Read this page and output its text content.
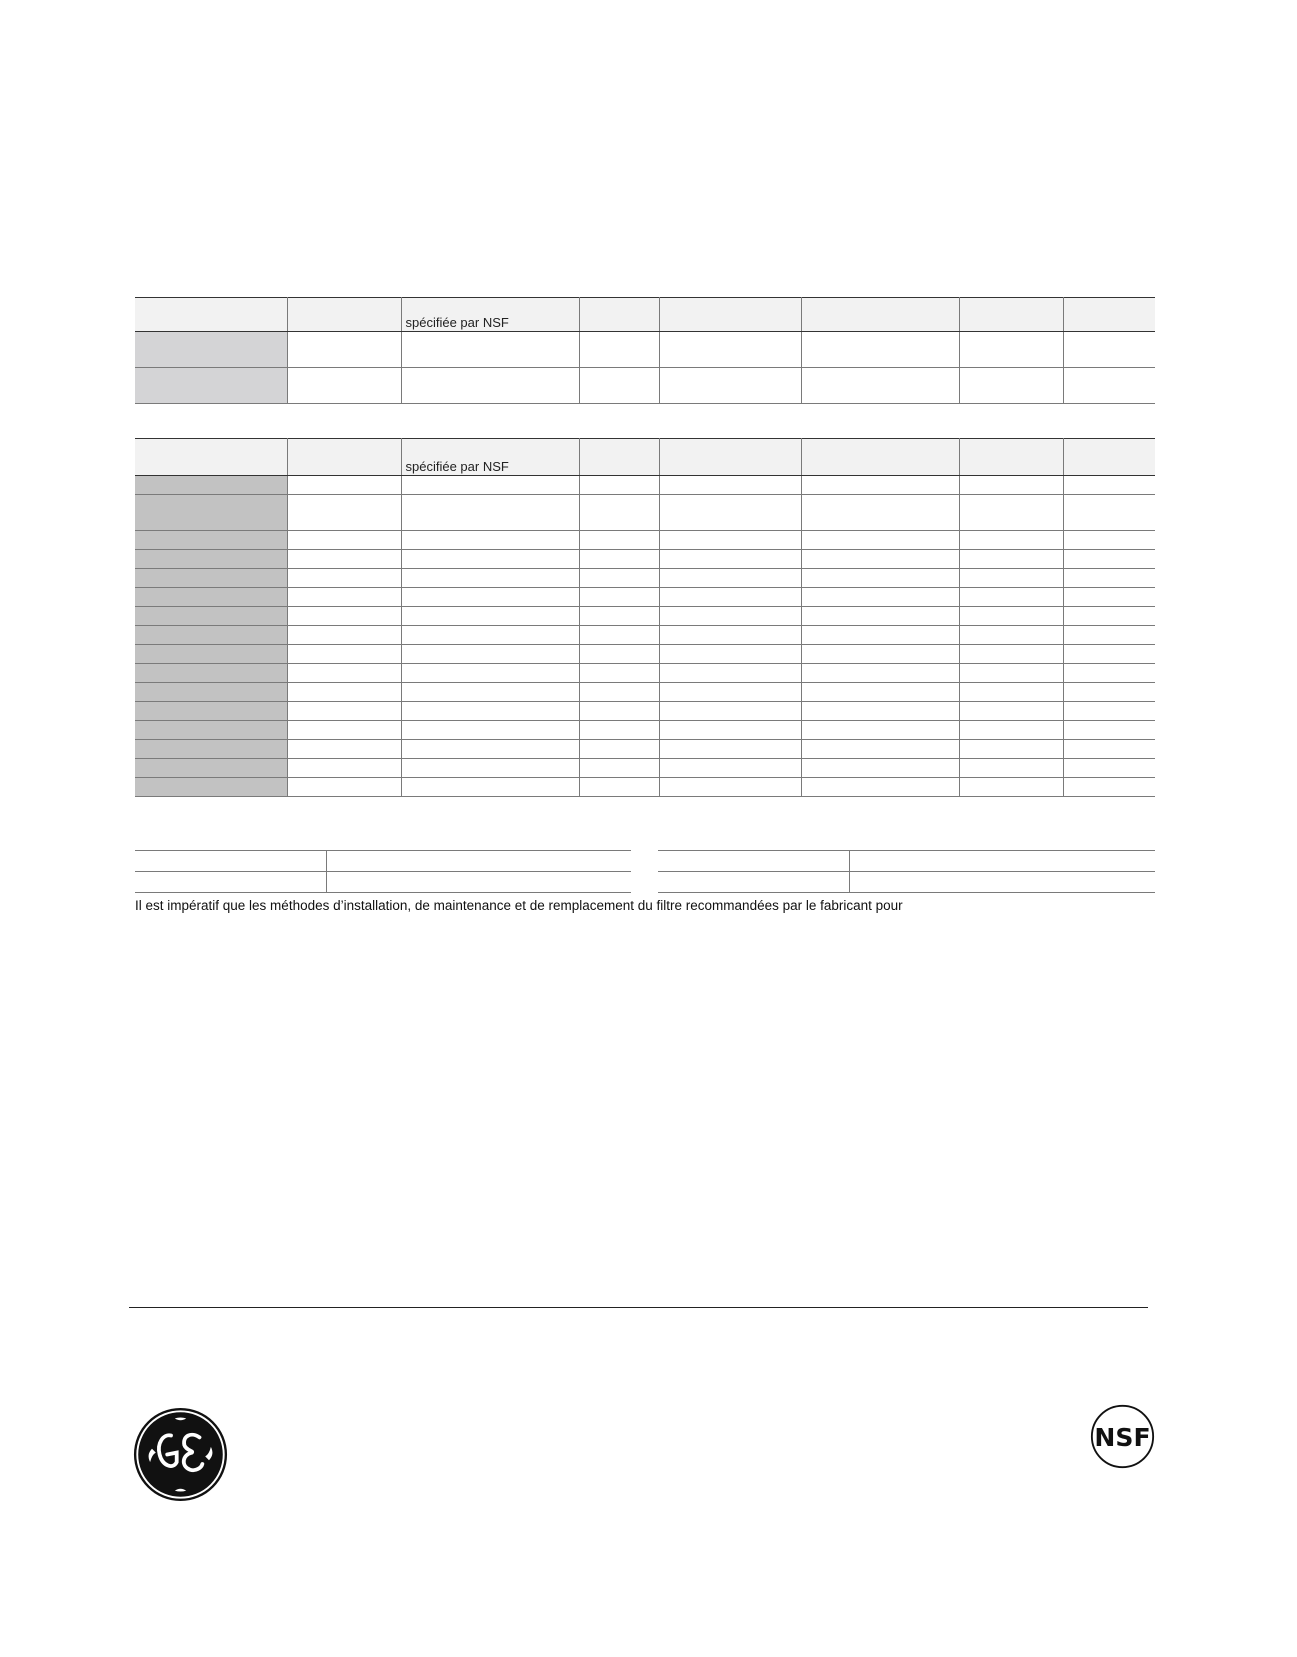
		spécifiée par NSF					

		spécifiée par NSF					

Il est impératif que les méthodes d’installation, de maintenance et de remplacement du filtre recommandées par le fabricant pour
NSF
